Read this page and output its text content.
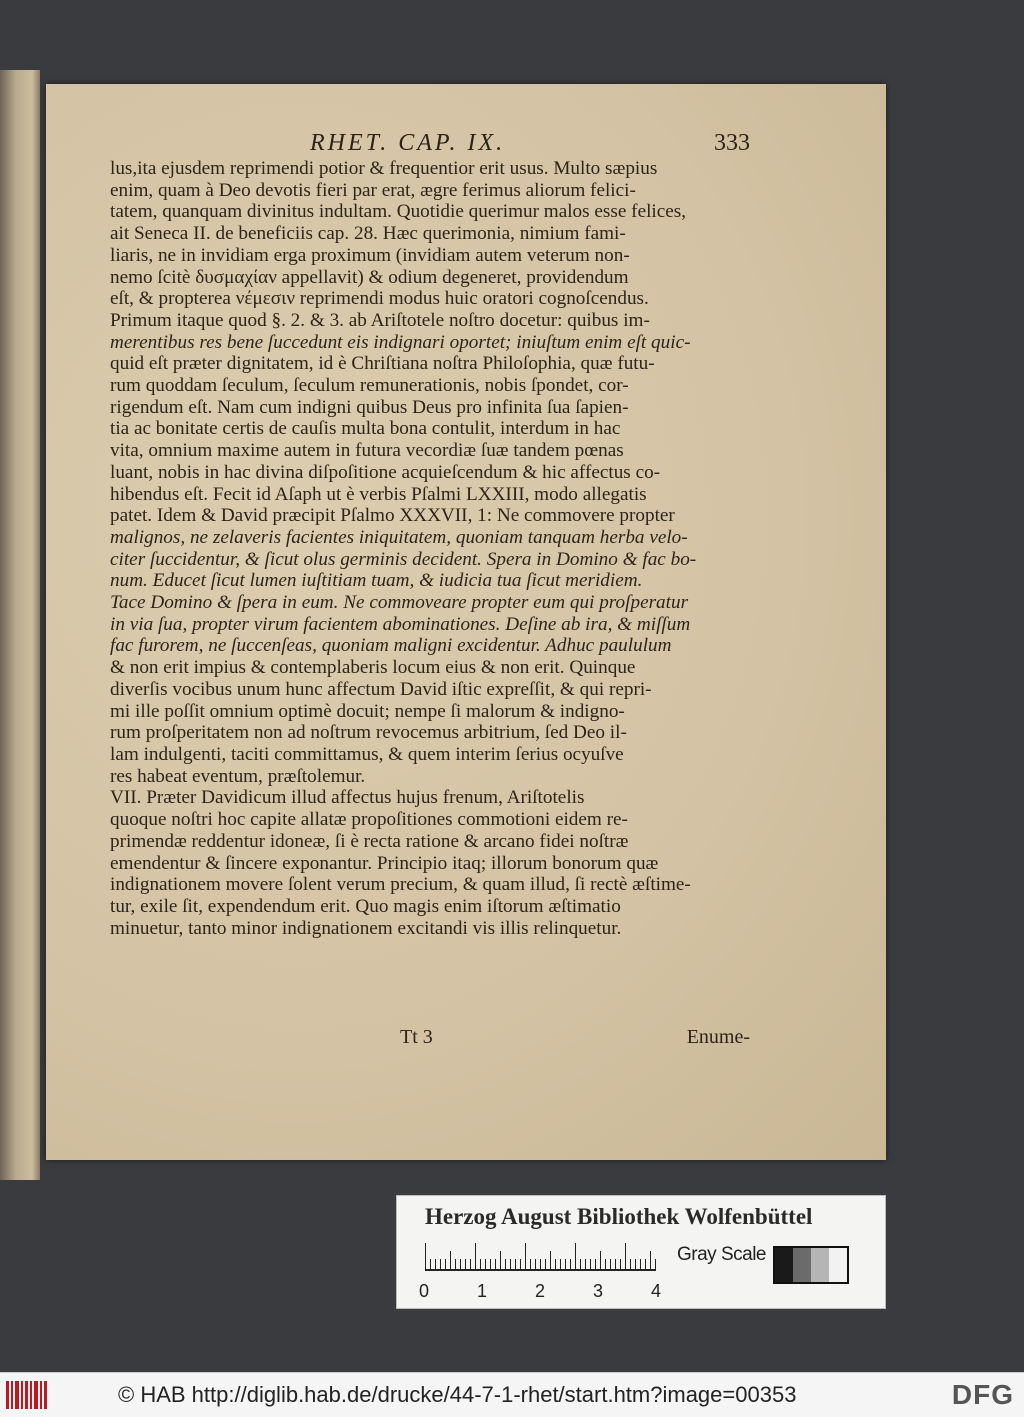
RHET. CAP. IX.	333
lus,ita ejusdem reprimendi potior & frequentior erit usus. Multo sæpius
enim, quam à Deo devotis fieri par erat, ægre ferimus aliorum felici-
tatem, quanquam divinitus indultam. Quotidie querimur malos esse felices,
ait Seneca II. de beneficiis cap. 28. Hæc querimonia, nimium fami-
liaris, ne in invidiam erga proximum (invidiam autem veterum non-
nemo ſcitè δυσμαχίαν appellavit) & odium degeneret, providendum
eſt, & propterea νέμεσιν reprimendi modus huic oratori cognoſcendus.
Primum itaque quod §. 2. & 3. ab Ariſtotele noſtro docetur: quibus im-
merentibus res bene ſuccedunt eis indignari oportet; iniuſtum enim eſt quic-
quid eſt præter dignitatem, id è Chriſtiana noſtra Philoſophia, quæ futu-
rum quoddam ſeculum, ſeculum remunerationis, nobis ſpondet, cor-
rigendum eſt. Nam cum indigni quibus Deus pro infinita ſua ſapien-
tia ac bonitate certis de cauſis multa bona contulit, interdum in hac
vita, omnium maxime autem in futura vecordiæ ſuæ tandem pœnas
luant, nobis in hac divina diſpoſitione acquieſcendum & hic affectus co-
hibendus eſt. Fecit id Aſaph ut è verbis Pſalmi LXXIII, modo allegatis
patet. Idem & David præcipit Pſalmo XXXVII, 1: Ne commovere propter
malignos, ne zelaveris facientes iniquitatem, quoniam tanquam herba velo-
citer ſuccidentur, & ſicut olus germinis decident. Spera in Domino & fac bo-
num. Educet ſicut lumen iuſtitiam tuam, & iudicia tua ſicut meridiem.
Tace Domino & ſpera in eum. Ne commoveare propter eum qui proſperatur
in via ſua, propter virum facientem abominationes. Deſine ab ira, & miſſum
fac furorem, ne ſuccenſeas, quoniam maligni excidentur. Adhuc paululum
& non erit impius & contemplaberis locum eius & non erit. Quinque
diverſis vocibus unum hunc affectum David iſtic expreſſit, & qui repri-
mi ille poſſit omnium optimè docuit; nempe ſi malorum & indigno-
rum proſperitatem non ad noſtrum revocemus arbitrium, ſed Deo il-
lam indulgenti, taciti committamus, & quem interim ſerius ocyuſve
res habeat eventum, præſtolemur.
VII. Præter Davidicum illud affectus hujus frenum, Ariſtotelis
quoque noſtri hoc capite allatæ propoſitiones commotioni eidem re-
primendæ reddentur idoneæ, ſi è recta ratione & arcano fidei noſtræ
emendentur & ſincere exponantur. Principio itaq; illorum bonorum quæ
indignationem movere ſolent verum precium, & quam illud, ſi rectè æſtime-
tur, exile ſit, expendendum erit. Quo magis enim iſtorum æſtimatio
minuetur, tanto minor indignationem excitandi vis illis relinquetur.
Tt 3	Enume-
Herzog August Bibliothek Wolfenbüttel
0	1	2	3	4
Gray Scale
© HAB http://diglib.hab.de/drucke/44-7-1-rhet/start.htm?image=00353	DFG
